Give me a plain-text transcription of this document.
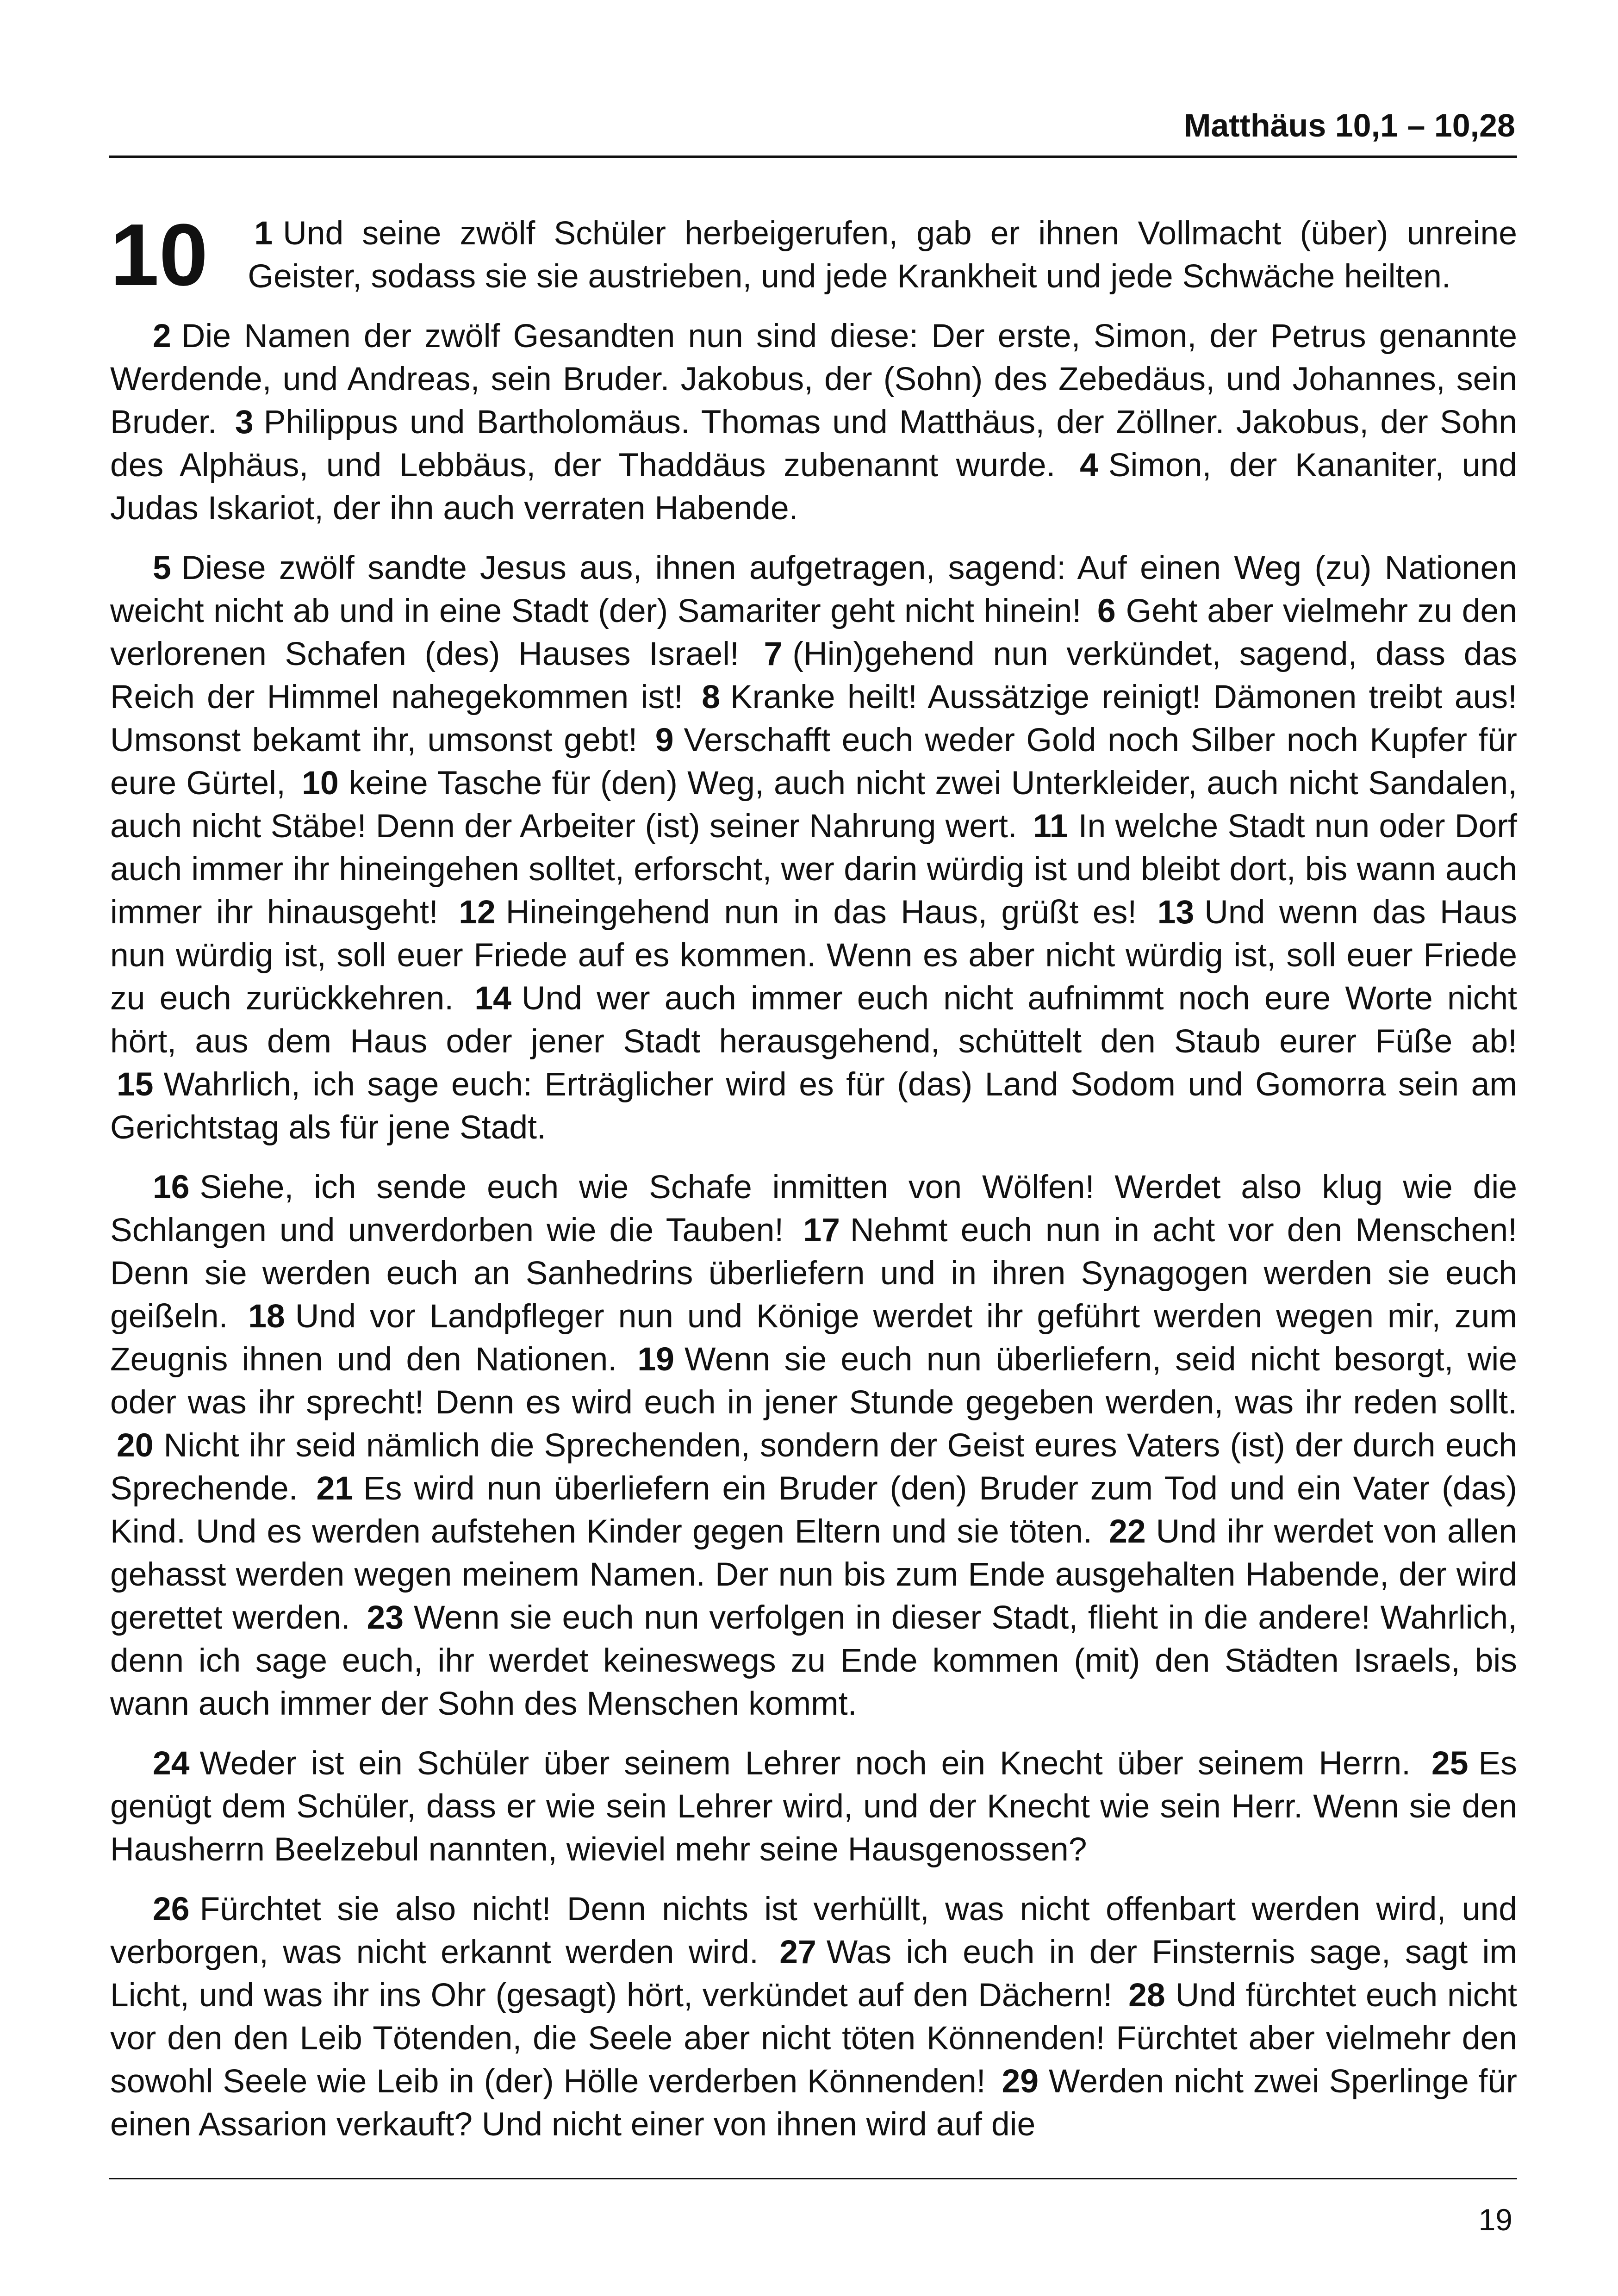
Matthäus 10,1 – 10,28

10 1 Und seine zwölf Schüler herbeigerufen, gab er ihnen Vollmacht (über) unreine Geister, sodass sie sie austrieben, und jede Krankheit und jede Schwäche heilten.

2 Die Namen der zwölf Gesandten nun sind diese: Der erste, Simon, der Petrus genannte Werdende, und Andreas, sein Bruder. Jakobus, der (Sohn) des Zebedäus, und Johannes, sein Bruder. 3 Philippus und Bartholomäus. Thomas und Matthäus, der Zöllner. Jakobus, der Sohn des Alphäus, und Lebbäus, der Thaddäus zubenannt wurde. 4 Simon, der Kananiter, und Judas Iskariot, der ihn auch verraten Habende.

5 Diese zwölf sandte Jesus aus, ihnen aufgetragen, sagend: Auf einen Weg (zu) Nationen weicht nicht ab und in eine Stadt (der) Samariter geht nicht hinein! 6 Geht aber vielmehr zu den verlorenen Schafen (des) Hauses Israel! 7 (Hin)gehend nun verkündet, sagend, dass das Reich der Himmel nahegekommen ist! 8 Kranke heilt! Aussätzige reinigt! Dämonen treibt aus! Umsonst bekamt ihr, umsonst gebt! 9 Verschafft euch weder Gold noch Silber noch Kupfer für eure Gürtel, 10 keine Tasche für (den) Weg, auch nicht zwei Unterkleider, auch nicht Sandalen, auch nicht Stäbe! Denn der Arbeiter (ist) seiner Nahrung wert. 11 In welche Stadt nun oder Dorf auch immer ihr hineingehen solltet, erforscht, wer darin würdig ist und bleibt dort, bis wann auch immer ihr hinausgeht! 12 Hineingehend nun in das Haus, grüßt es! 13 Und wenn das Haus nun würdig ist, soll euer Friede auf es kommen. Wenn es aber nicht würdig ist, soll euer Friede zu euch zurückkehren. 14 Und wer auch immer euch nicht aufnimmt noch eure Worte nicht hört, aus dem Haus oder jener Stadt herausgehend, schüttelt den Staub eurer Füße ab! 15 Wahrlich, ich sage euch: Erträglicher wird es für (das) Land Sodom und Gomorra sein am Gerichtstag als für jene Stadt.

16 Siehe, ich sende euch wie Schafe inmitten von Wölfen! Werdet also klug wie die Schlangen und unverdorben wie die Tauben! 17 Nehmt euch nun in acht vor den Menschen! Denn sie werden euch an Sanhedrins überliefern und in ihren Synagogen werden sie euch geißeln. 18 Und vor Landpfleger nun und Könige werdet ihr geführt werden wegen mir, zum Zeugnis ihnen und den Nationen. 19 Wenn sie euch nun überliefern, seid nicht besorgt, wie oder was ihr sprecht! Denn es wird euch in jener Stunde gegeben werden, was ihr reden sollt. 20 Nicht ihr seid nämlich die Sprechenden, sondern der Geist eures Vaters (ist) der durch euch Sprechende. 21 Es wird nun überliefern ein Bruder (den) Bruder zum Tod und ein Vater (das) Kind. Und es werden aufstehen Kinder gegen Eltern und sie töten. 22 Und ihr werdet von allen gehasst werden wegen meinem Namen. Der nun bis zum Ende ausgehalten Habende, der wird gerettet werden. 23 Wenn sie euch nun verfolgen in dieser Stadt, flieht in die andere! Wahrlich, denn ich sage euch, ihr werdet keineswegs zu Ende kommen (mit) den Städten Israels, bis wann auch immer der Sohn des Menschen kommt.

24 Weder ist ein Schüler über seinem Lehrer noch ein Knecht über seinem Herrn. 25 Es genügt dem Schüler, dass er wie sein Lehrer wird, und der Knecht wie sein Herr. Wenn sie den Hausherrn Beelzebul nannten, wieviel mehr seine Hausgenossen?

26 Fürchtet sie also nicht! Denn nichts ist verhüllt, was nicht offenbart werden wird, und verborgen, was nicht erkannt werden wird. 27 Was ich euch in der Finsternis sage, sagt im Licht, und was ihr ins Ohr (gesagt) hört, verkündet auf den Dächern! 28 Und fürchtet euch nicht vor den den Leib Tötenden, die Seele aber nicht töten Könnenden! Fürchtet aber vielmehr den sowohl Seele wie Leib in (der) Hölle verderben Könnenden! 29 Werden nicht zwei Sperlinge für einen Assarion verkauft? Und nicht einer von ihnen wird auf die

19
